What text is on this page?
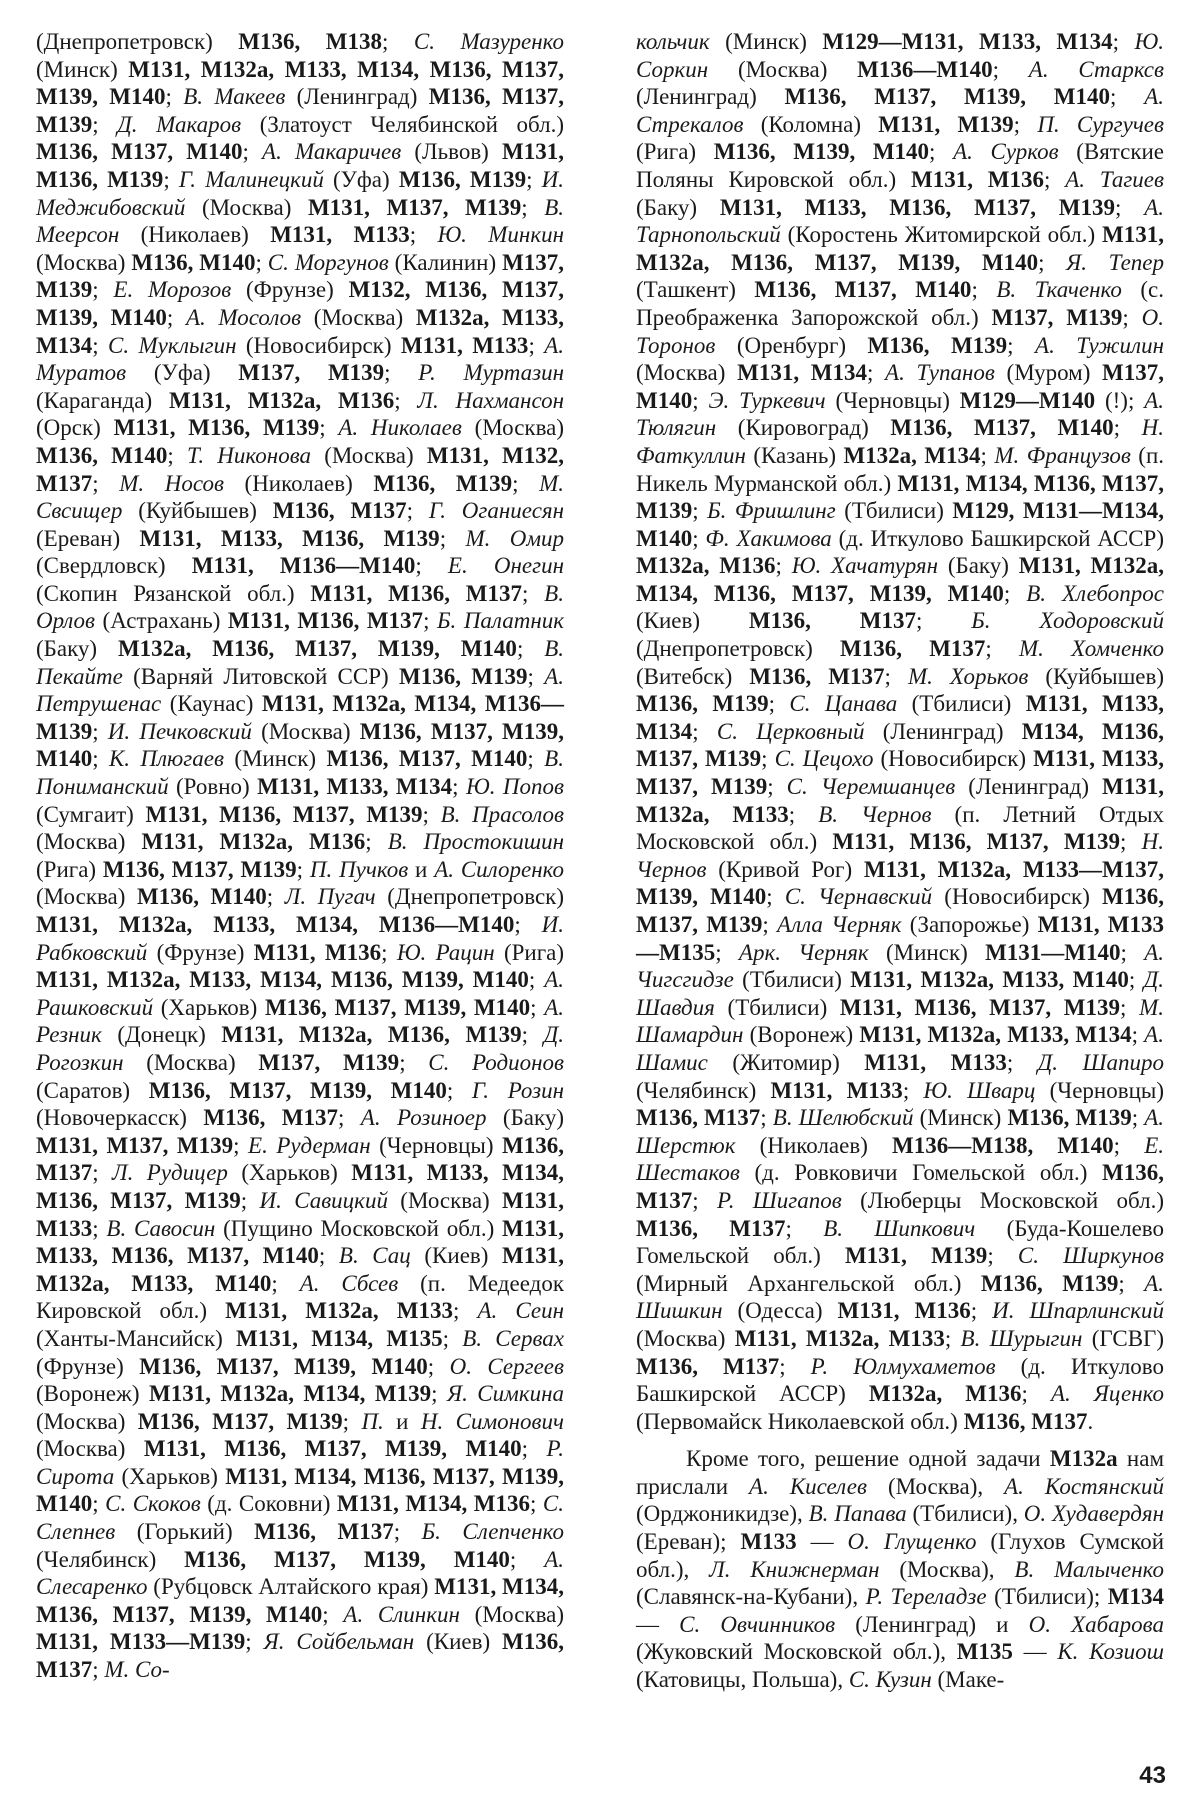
(Днепропетровск) М136, М138; С. Мазуренко (Минск) М131, М132а, М133, М134, М136, М137, М139, М140; В. Макеев (Ленинград) М136, М137, М139; Д. Макаров (Златоуст Челябинской обл.) М136, М137, М140; А. Макаричев (Львов) М131, М136, М139; Г. Малинецкий (Уфа) М136, М139; И. Меджибовский (Москва) М131, М137, М139; В. Меерсон (Николаев) М131, М133; Ю. Минкин (Москва) М136, М140; С. Моргунов (Калинин) М137, М139; Е. Морозов (Фрунзе) М132, М136, М137, М139, М140; А. Мосолов (Москва) М132а, М133, М134; С. Муклыгин (Новосибирск) М131, М133; А. Муратов (Уфа) М137, М139; Р. Муртазин (Караганда) М131, М132а, М136; Л. Нахмансон (Орск) М131, М136, М139; А. Николаев (Москва) М136, М140; Т. Никонова (Москва) М131, М132, М137; М. Носов (Николаев) М136, М139; М. Свсищер (Куйбышев) М136, М137; Г. Оганиесян (Ереван) М131, М133, М136, М139; М. Омир (Свердловск) М131, М136—М140; Е. Онегин (Скопин Рязанской обл.) М131, М136, М137; В. Орлов (Астрахань) М131, М136, М137; Б. Палатник (Баку) М132а, М136, М137, М139, М140; В. Пекайте (Варняй Литовской ССР) М136, М139; А. Петрушенас (Каунас) М131, М132а, М134, М136—М139; И. Печковский (Москва) М136, М137, М139, М140; К. Плюгаев (Минск) М136, М137, М140; В. Пониманский (Ровно) М131, М133, М134; Ю. Попов (Сумгаит) М131, М136, М137, М139; В. Прасолов (Москва) М131, М132а, М136; В. Простокишин (Рига) М136, М137, М139; П. Пучков и А. Силоренко (Москва) М136, М140; Л. Пугач (Днепропетровск) М131, М132а, М133, М134, М136—М140; И. Рабковский (Фрунзе) М131, М136; Ю. Рацин (Рига) М131, М132а, М133, М134, М136, М139, М140; А. Рашковский (Харьков) М136, М137, М139, М140; А. Резник (Донецк) М131, М132а, М136, М139; Д. Рогозкин (Москва) М137, М139; С. Родионов (Саратов) М136, М137, М139, М140; Г. Розин (Новочеркасск) М136, М137; А. Розиноер (Баку) М131, М137, М139; Е. Рудерман (Черновцы) М136, М137; Л. Рудицер (Харьков) М131, М133, М134, М136, М137, М139; И. Савицкий (Москва) М131, М133; В. Савосин (Пущино Московской обл.) М131, М133, М136, М137, М140; В. Сац (Киев) М131, М132а, М133, М140; А. Сбсев (п. Медеедок Кировской обл.) М131, М132а, М133; А. Сеин (Ханты-Мансийск) М131, М134, М135; В. Серваx (Фрунзе) М136, М137, М139, М140; О. Сергеев (Воронеж) М131, М132а, М134, М139; Я. Симкина (Москва) М136, М137, М139; П. и Н. Симонович (Москва) М131, М136, М137, М139, М140; Р. Сирота (Харьков) М131, М134, М136, М137, М139, М140; С. Скоков (д. Соковни) М131, М134, М136; С. Слепнев (Горький) М136, М137; Б. Слепченко (Челябинск) М136, М137, М139, М140; А. Слесаренко (Рубцовск Алтайского края) М131, М134, М136, М137, М139, М140; А. Слинкин (Москва) М131, М133—М139; Я. Сойбельман (Киев) М136, М137; М. Со-

кольчик (Минск) М129—М131, М133, М134; Ю. Соркин (Москва) М136—М140; А. Старксв (Ленинград) М136, М137, М139, М140; А. Стрекалов (Коломна) М131, М139; П. Сургучев (Рига) М136, М139, М140; А. Сурков (Вятские Поляны Кировской обл.) М131, М136; А. Тагиев (Баку) М131, М133, М136, М137, М139; А. Тарнопольский (Коростень Житомирской обл.) М131, М132а, М136, М137, М139, М140; Я. Тепер (Ташкент) М136, М137, М140; В. Ткаченко (с. Преображенка Запорожской обл.) М137, М139; О. Торонов (Оренбург) М136, М139; А. Тужилин (Москва) М131, М134; А. Тупанов (Муром) М137, М140; Э. Туркевич (Черновцы) М129—М140 (!); А. Тюлягин (Кировоград) М136, М137, М140; Н. Фаткуллин (Казань) М132а, М134; М. Французов (п. Никель Мурманской обл.) М131, М134, М136, М137, М139; Б. Фришлинг (Тбилиси) М129, М131—М134, М140; Ф. Хакимова (д. Иткулово Башкирской АССР) М132а, М136; Ю. Хачатурян (Баку) М131, М132а, М134, М136, М137, М139, М140; В. Хлебопрос (Киев) М136, М137; Б. Ходоровский (Днепропетровск) М136, М137; М. Хомченко (Витебск) М136, М137; М. Хорьков (Куйбышев) М136, М139; С. Цанава (Тбилиси) М131, М133, М134; С. Церковный (Ленинград) М134, М136, М137, М139; С. Цецохо (Новосибирск) М131, М133, М137, М139; С. Черемшанцев (Ленинград) М131, М132а, М133; В. Чернов (п. Летний Отдых Московской обл.) М131, М136, М137, М139; Н. Чернов (Кривой Рог) М131, М132а, М133—М137, М139, М140; С. Чернавский (Новосибирск) М136, М137, М139; Алла Черняк (Запорожье) М131, М133—М135; Арк. Черняк (Минск) М131—М140; А. Чигсгидзе (Тбилиси) М131, М132а, М133, М140; Д. Шавдия (Тбилиси) М131, М136, М137, М139; М. Шамардин (Воронеж) М131, М132а, М133, М134; А. Шамис (Житомир) М131, М133; Д. Шапиро (Челябинск) М131, М133; Ю. Шварц (Черновцы) М136, М137; В. Шелюбский (Минск) М136, М139; А. Шерстюк (Николаев) М136—М138, М140; Е. Шестаков (д. Ровковичи Гомельской обл.) М136, М137; Р. Шигапов (Люберцы Московской обл.) М136, М137; В. Шипкович (Буда-Кошелево Гомельской обл.) М131, М139; С. Ширкунов (Мирный Архангельской обл.) М136, М139; А. Шишкин (Одесса) М131, М136; И. Шпарлинский (Москва) М131, М132а, М133; В. Шурыгин (ГСВГ) М136, М137; Р. Юлмухаметов (д. Иткулово Башкирской АССР) М132а, М136; А. Яценко (Первомайск Николаевской обл.) М136, М137.

Кроме того, решение одной задачи М132а нам прислали А. Киселев (Москва), А. Костянский (Орджоникидзе), В. Папава (Тбилиси), О. Худавердян (Ереван); М133 — О. Глущенко (Глухов Сумской обл.), Л. Книжнерман (Москва), В. Малыченко (Славянск-на-Кубани), Р. Тереладзе (Тбилиси); М134 — С. Овчинников (Ленинград) и О. Хабарова (Жуковский Московской обл.), М135 — К. Козиош (Катовицы, Польша), С. Кузин (Маке-

43
